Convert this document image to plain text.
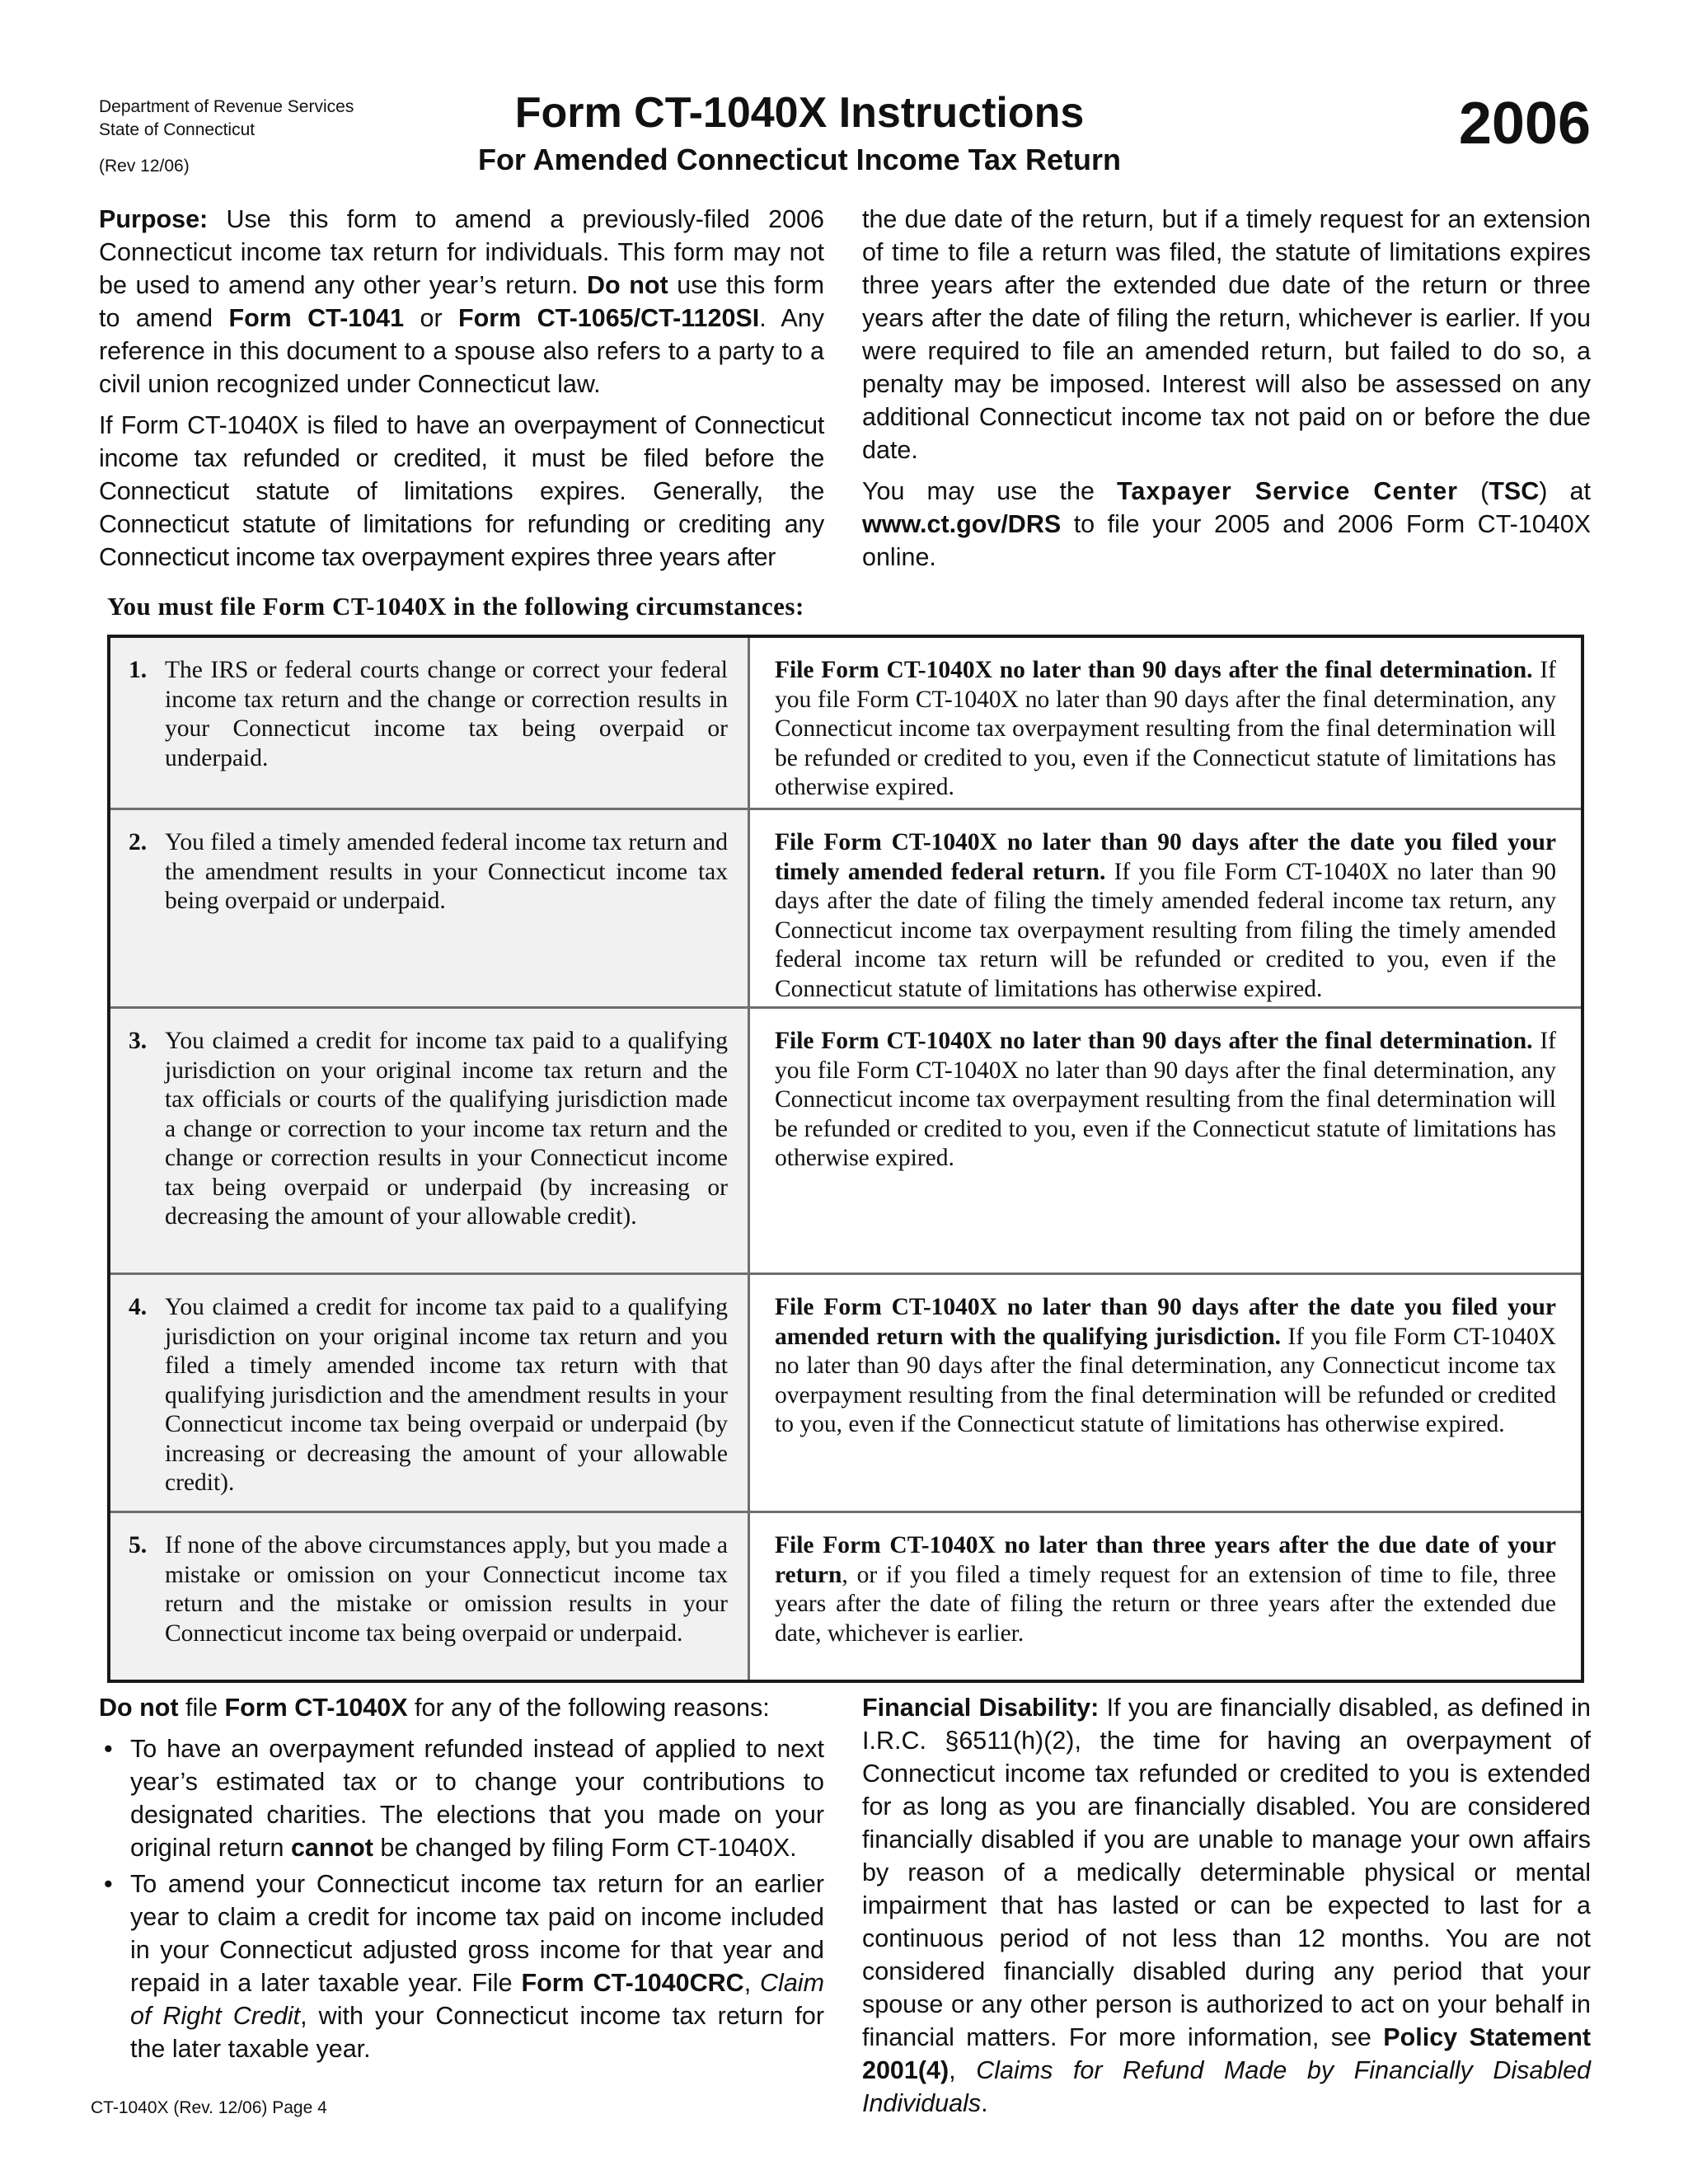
Department of Revenue Services
State of Connecticut
(Rev 12/06)
Form CT-1040X Instructions
For Amended Connecticut Income Tax Return
2006

Purpose: Use this form to amend a previously-filed 2006 Connecticut income tax return for individuals. This form may not be used to amend any other year’s return. Do not use this form to amend Form CT-1041 or Form CT-1065/CT-1120SI. Any reference in this document to a spouse also refers to a party to a civil union recognized under Connecticut law.

If Form CT-1040X is filed to have an overpayment of Connecticut income tax refunded or credited, it must be filed before the Connecticut statute of limitations expires. Generally, the Connecticut statute of limitations for refunding or crediting any Connecticut income tax overpayment expires three years after

the due date of the return, but if a timely request for an extension of time to file a return was filed, the statute of limitations expires three years after the extended due date of the return or three years after the date of filing the return, whichever is earlier. If you were required to file an amended return, but failed to do so, a penalty may be imposed. Interest will also be assessed on any additional Connecticut income tax not paid on or before the due date.

You may use the Taxpayer Service Center (TSC) at www.ct.gov/DRS to file your 2005 and 2006 Form CT-1040X online.

You must file Form CT-1040X in the following circumstances:
1. The IRS or federal courts change or correct your federal income tax return and the change or correction results in your Connecticut income tax being overpaid or underpaid.
File Form CT-1040X no later than 90 days after the final determination. If you file Form CT-1040X no later than 90 days after the final determination, any Connecticut income tax overpayment resulting from the final determination will be refunded or credited to you, even if the Connecticut statute of limitations has otherwise expired.
2. You filed a timely amended federal income tax return and the amendment results in your Connecticut income tax being overpaid or underpaid.
File Form CT-1040X no later than 90 days after the date you filed your timely amended federal return. If you file Form CT-1040X no later than 90 days after the date of filing the timely amended federal income tax return, any Connecticut income tax overpayment resulting from filing the timely amended federal income tax return will be refunded or credited to you, even if the Connecticut statute of limitations has otherwise expired.
3. You claimed a credit for income tax paid to a qualifying jurisdiction on your original income tax return and the tax officials or courts of the qualifying jurisdiction made a change or correction to your income tax return and the change or correction results in your Connecticut income tax being overpaid or underpaid (by increasing or decreasing the amount of your allowable credit).
File Form CT-1040X no later than 90 days after the final determination. If you file Form CT-1040X no later than 90 days after the final determination, any Connecticut income tax overpayment resulting from the final determination will be refunded or credited to you, even if the Connecticut statute of limitations has otherwise expired.
4. You claimed a credit for income tax paid to a qualifying jurisdiction on your original income tax return and you filed a timely amended income tax return with that qualifying jurisdiction and the amendment results in your Connecticut income tax being overpaid or underpaid (by increasing or decreasing the amount of your allowable credit).
File Form CT-1040X no later than 90 days after the date you filed your amended return with the qualifying jurisdiction. If you file Form CT-1040X no later than 90 days after the final determination, any Connecticut income tax overpayment resulting from the final determination will be refunded or credited to you, even if the Connecticut statute of limitations has otherwise expired.
5. If none of the above circumstances apply, but you made a mistake or omission on your Connecticut income tax return and the mistake or omission results in your Connecticut income tax being overpaid or underpaid.
File Form CT-1040X no later than three years after the due date of your return, or if you filed a timely request for an extension of time to file, three years after the date of filing the return or three years after the extended due date, whichever is earlier.

Do not file Form CT-1040X for any of the following reasons:

• To have an overpayment refunded instead of applied to next year’s estimated tax or to change your contributions to designated charities. The elections that you made on your original return cannot be changed by filing Form CT-1040X.
• To amend your Connecticut income tax return for an earlier year to claim a credit for income tax paid on income included in your Connecticut adjusted gross income for that year and repaid in a later taxable year. File Form CT-1040CRC, Claim of Right Credit, with your Connecticut income tax return for the later taxable year.

Financial Disability: If you are financially disabled, as defined in I.R.C. §6511(h)(2), the time for having an overpayment of Connecticut income tax refunded or credited to you is extended for as long as you are financially disabled. You are considered financially disabled if you are unable to manage your own affairs by reason of a medically determinable physical or mental impairment that has lasted or can be expected to last for a continuous period of not less than 12 months. You are not considered financially disabled during any period that your spouse or any other person is authorized to act on your behalf in financial matters. For more information, see Policy Statement 2001(4), Claims for Refund Made by Financially Disabled Individuals.

CT-1040X (Rev. 12/06) Page 4
